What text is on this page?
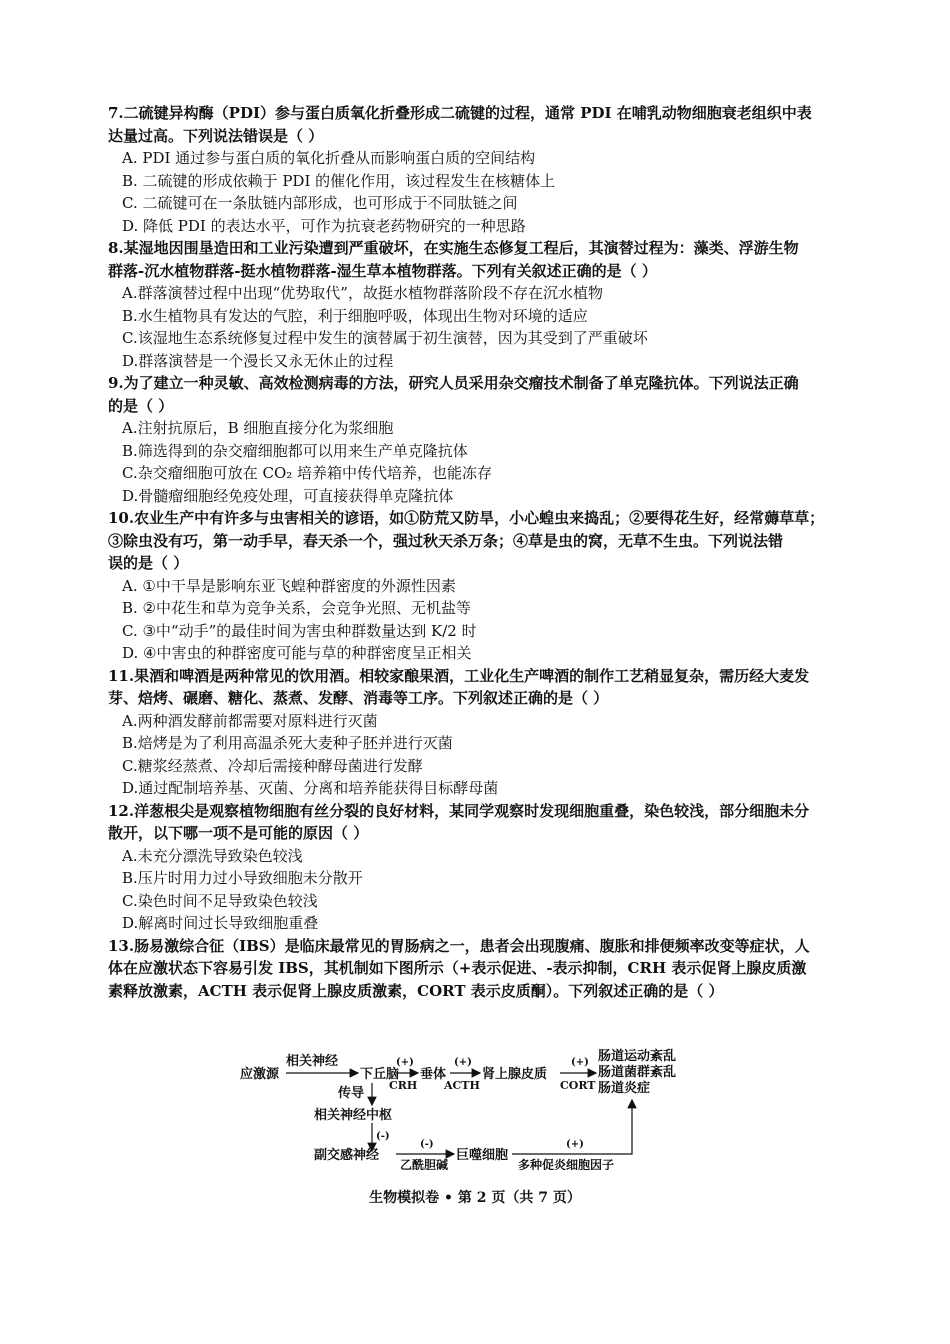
7.二硫键异构酶（PDI）参与蛋白质氧化折叠形成二硫键的过程，通常 PDI 在哺乳动物细胞衰老组织中表
达量过高。下列说法错误是（ ）
A. PDI 通过参与蛋白质的氧化折叠从而影响蛋白质的空间结构
B. 二硫键的形成依赖于 PDI 的催化作用，该过程发生在核糖体上
C. 二硫键可在一条肽链内部形成，也可形成于不同肽链之间
D. 降低 PDI 的表达水平，可作为抗衰老药物研究的一种思路
8.某湿地因围垦造田和工业污染遭到严重破坏，在实施生态修复工程后，其演替过程为：藻类、浮游生物
群落-沉水植物群落-挺水植物群落-湿生草本植物群落。下列有关叙述正确的是（ ）
A.群落演替过程中出现“优势取代”，故挺水植物群落阶段不存在沉水植物
B.水生植物具有发达的气腔，利于细胞呼吸，体现出生物对环境的适应
C.该湿地生态系统修复过程中发生的演替属于初生演替，因为其受到了严重破坏
D.群落演替是一个漫长又永无休止的过程
9.为了建立一种灵敏、高效检测病毒的方法，研究人员采用杂交瘤技术制备了单克隆抗体。下列说法正确
的是（ ）
A.注射抗原后，B 细胞直接分化为浆细胞
B.筛选得到的杂交瘤细胞都可以用来生产单克隆抗体
C.杂交瘤细胞可放在 CO₂ 培养箱中传代培养，也能冻存
D.骨髓瘤细胞经免疫处理，可直接获得单克隆抗体
10.农业生产中有许多与虫害相关的谚语，如①防荒又防旱，小心蝗虫来捣乱；②要得花生好，经常薅草草；
③除虫没有巧，第一动手早，春天杀一个，强过秋天杀万条；④草是虫的窝，无草不生虫。下列说法错
误的是（ ）
A. ①中干旱是影响东亚飞蝗种群密度的外源性因素
B. ②中花生和草为竞争关系，会竞争光照、无机盐等
C. ③中“动手”的最佳时间为害虫种群数量达到 K/2 时
D. ④中害虫的种群密度可能与草的种群密度呈正相关
11.果酒和啤酒是两种常见的饮用酒。相较家酿果酒，工业化生产啤酒的制作工艺稍显复杂，需历经大麦发
芽、焙烤、碾磨、糖化、蒸煮、发酵、消毒等工序。下列叙述正确的是（ ）
A.两种酒发酵前都需要对原料进行灭菌
B.焙烤是为了利用高温杀死大麦种子胚并进行灭菌
C.糖浆经蒸煮、冷却后需接种酵母菌进行发酵
D.通过配制培养基、灭菌、分离和培养能获得目标酵母菌
12.洋葱根尖是观察植物细胞有丝分裂的良好材料，某同学观察时发现细胞重叠，染色较浅，部分细胞未分
散开，以下哪一项不是可能的原因（ ）
A.未充分漂洗导致染色较浅
B.压片时用力过小导致细胞未分散开
C.染色时间不足导致染色较浅
D.解离时间过长导致细胞重叠
13.肠易激综合征（IBS）是临床最常见的胃肠病之一，患者会出现腹痛、腹胀和排便频率改变等症状，人
体在应激状态下容易引发 IBS，其机制如下图所示（+表示促进、-表示抑制，CRH 表示促肾上腺皮质激
素释放激素，ACTH 表示促肾上腺皮质激素，CORT 表示皮质酮）。下列叙述正确的是（ ）
应激源
相关神经
下丘脑
(+)
CRH
垂体
(+)
ACTH
肾上腺皮质
(+)
CORT
肠道运动紊乱
肠道菌群紊乱
肠道炎症
传导
相关神经中枢
(-)
副交感神经
(-)
乙酰胆碱
巨噬细胞
(+)
多种促炎细胞因子
生物模拟卷 • 第 2 页（共 7 页）
